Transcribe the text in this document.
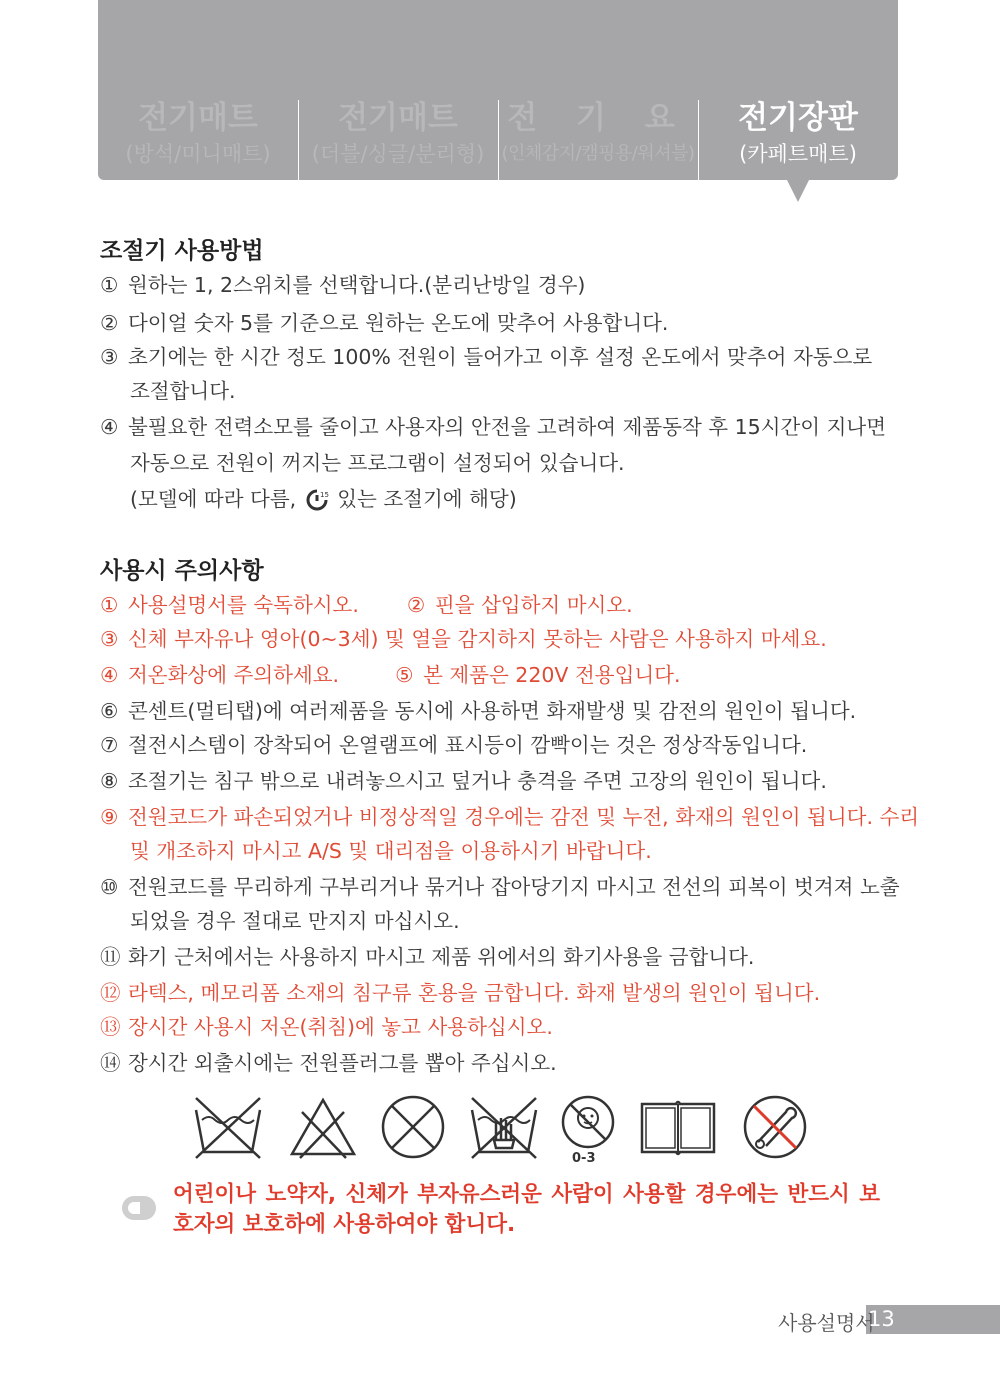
전기매트
(방석/미니매트)
전기매트
(더블/싱글/분리형)
전 기 요
(인체감지/캠핑용/워셔블)
전기장판
(카페트매트)
조절기 사용방법
① 원하는 1, 2스위치를 선택합니다.(분리난방일 경우)
② 다이얼 숫자 5를 기준으로 원하는 온도에 맞추어 사용합니다.
③ 초기에는 한 시간 정도 100% 전원이 들어가고 이후 설정 온도에서 맞추어 자동으로
조절합니다.
④ 불필요한 전력소모를 줄이고 사용자의 안전을 고려하여 제품동작 후 15시간이 지나면
자동으로 전원이 꺼지는 프로그램이 설정되어 있습니다.
(모델에 따라 다름,	15 있는 조절기에 해당)
사용시 주의사항
① 사용설명서를 숙독하시오. ② 핀을 삽입하지 마시오.
③ 신체 부자유나 영아(0~3세) 및 열을 감지하지 못하는 사람은 사용하지 마세요.
④ 저온화상에 주의하세요.	⑤ 본 제품은 220V 전용입니다.
⑥ 콘센트(멀티탭)에 여러제품을 동시에 사용하면 화재발생 및 감전의 원인이 됩니다.
⑦ 절전시스템이 장착되어 온열램프에 표시등이 깜빡이는 것은 정상작동입니다.
⑧ 조절기는 침구 밖으로 내려놓으시고 덮거나 충격을 주면 고장의 원인이 됩니다.
⑨ 전원코드가 파손되었거나 비정상적일 경우에는 감전 및 누전, 화재의 원인이 됩니다. 수리
및 개조하지 마시고 A/S 및 대리점을 이용하시기 바랍니다.
⑩ 전원코드를 무리하게 구부리거나 묶거나 잡아당기지 마시고 전선의 피복이 벗겨져 노출
되었을 경우 절대로 만지지 마십시오.
⑪ 화기 근처에서는 사용하지 마시고 제품 위에서의 화기사용을 금합니다.
⑫ 라텍스, 메모리폼 소재의 침구류 혼용을 금합니다. 화재 발생의 원인이 됩니다.
⑬ 장시간 사용시 저온(취침)에 놓고 사용하십시오.
⑭ 장시간 외출시에는 전원플러그를 뽑아 주십시오.
0-3
어린이나 노약자, 신체가 부자유스러운 사람이 사용할 경우에는 반드시 보호자의 보호하에 사용하여야 합니다.
사용설명서
13
